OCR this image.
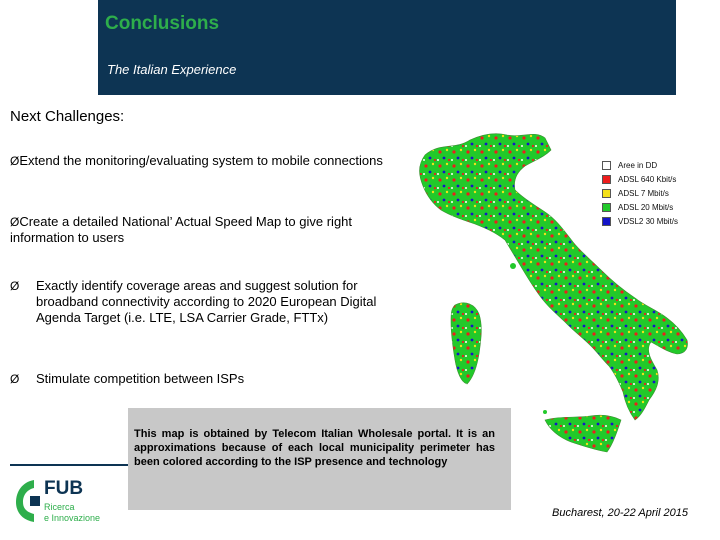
Conclusions
The Italian Experience
Next Challenges:
ØExtend the monitoring/evaluating system to mobile connections
ØCreate a detailed National’ Actual Speed Map to give right information to users
Ø	Exactly identify coverage areas and suggest solution for broadband connectivity according to 2020 European Digital Agenda Target (i.e. LTE, LSA Carrier Grade, FTTx)
Ø	Stimulate competition between ISPs
Aree in DD
ADSL 640 Kbit/s
ADSL 7 Mbit/s
ADSL 20 Mbit/s
VDSL2 30 Mbit/s

This map is obtained by Telecom Italian Wholesale portal. It is an approximations because of each local municipality perimeter has been colored according to the ISP presence and technology

FUB
Ricerca
e Innovazione	Bucharest, 20-22 April 2015
